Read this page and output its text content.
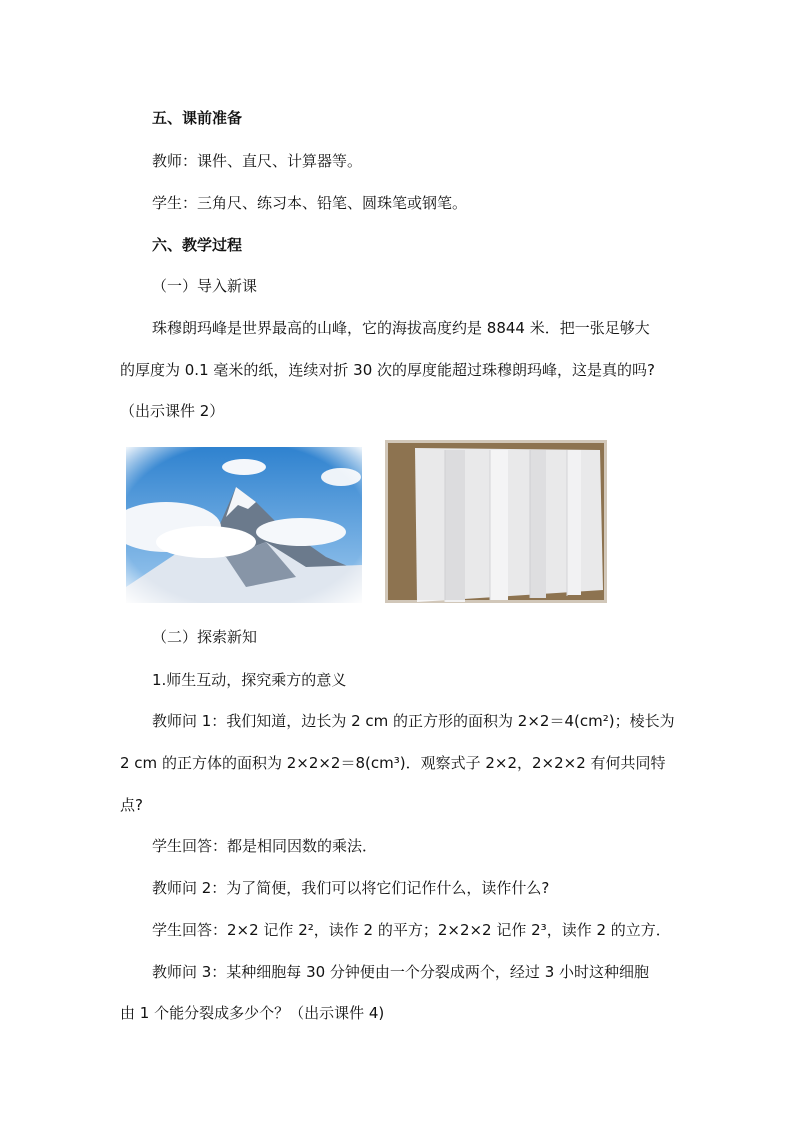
五、课前准备
教师：课件、直尺、计算器等。
学生：三角尺、练习本、铅笔、圆珠笔或钢笔。
六、教学过程
（一）导入新课
珠穆朗玛峰是世界最高的山峰，它的海拔高度约是 8844 米．把一张足够大
的厚度为 0.1 毫米的纸，连续对折 30 次的厚度能超过珠穆朗玛峰，这是真的吗?
（出示课件 2）
（二）探索新知
1.师生互动，探究乘方的意义
教师问 1：我们知道，边长为 2 cm 的正方形的面积为 2×2＝4(cm²)；棱长为
2 cm 的正方体的面积为 2×2×2＝8(cm³)．观察式子 2×2，2×2×2 有何共同特
点?
学生回答：都是相同因数的乘法．
教师问 2：为了简便，我们可以将它们记作什么，读作什么?
学生回答：2×2 记作 2²，读作 2 的平方；2×2×2 记作 2³，读作 2 的立方．
教师问 3：某种细胞每 30 分钟便由一个分裂成两个，经过 3 小时这种细胞
由 1 个能分裂成多少个？（出示课件 4)
